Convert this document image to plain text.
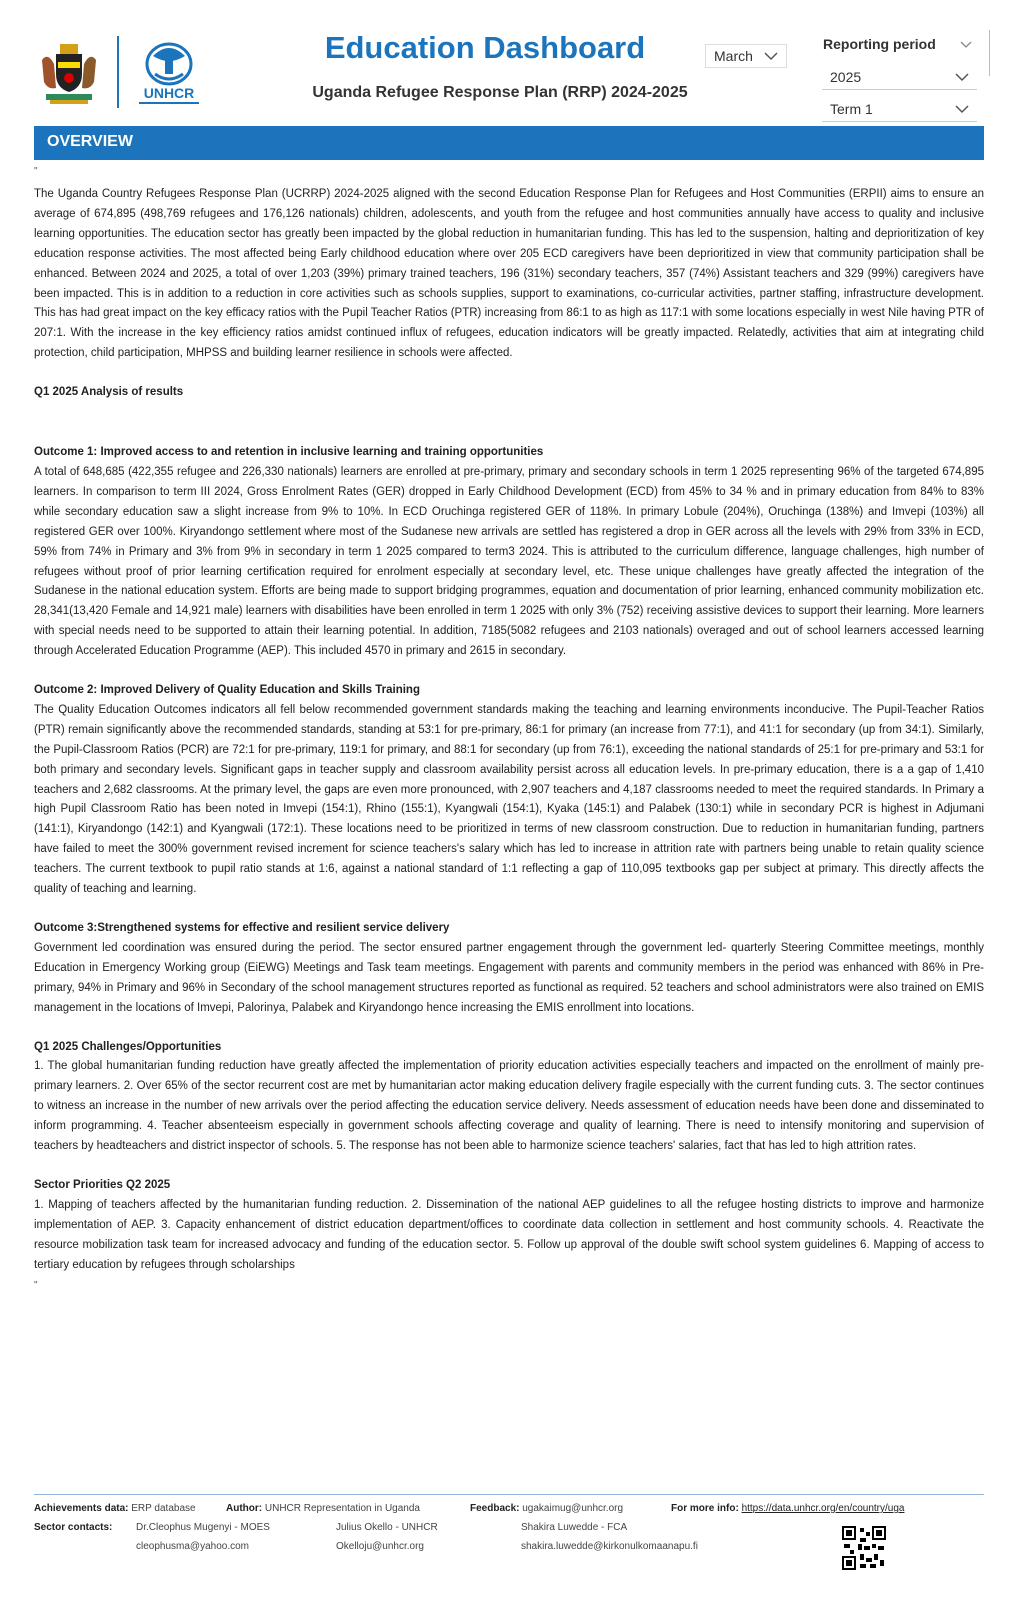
UNHCR
Education Dashboard
Uganda Refugee Response Plan (RRP) 2024-2025
March
Reporting period
2025
Term 1
OVERVIEW
"

The Uganda Country Refugees Response Plan (UCRRP) 2024-2025 aligned with the second Education Response Plan for Refugees and Host Communities (ERPII) aims to ensure an average of 674,895 (498,769 refugees and 176,126 nationals) children, adolescents, and youth from the refugee and host communities annually have access to quality and inclusive learning opportunities. The education sector has greatly been impacted by the global reduction in humanitarian funding. This has led to the suspension, halting and deprioritization of key education response activities. The most affected being Early childhood education where over 205 ECD caregivers have been deprioritized in view that community participation shall be enhanced. Between 2024 and 2025, a total of over 1,203 (39%) primary trained teachers, 196 (31%) secondary teachers, 357 (74%) Assistant teachers and 329 (99%) caregivers have been impacted. This is in addition to a reduction in core activities such as schools supplies, support to examinations, co-curricular activities, partner staffing, infrastructure development. This has had great impact on the key efficacy ratios with the Pupil Teacher Ratios (PTR) increasing from 86:1 to as high as 117:1 with some locations especially in west Nile having PTR of 207:1. With the increase in the key efficiency ratios amidst continued influx of refugees, education indicators will be greatly impacted. Relatedly, activities that aim at integrating child protection, child participation, MHPSS and building learner resilience in schools were affected.

Q1 2025 Analysis of results
Outcome 1: Improved access to and retention in inclusive learning and training opportunities

A total of 648,685 (422,355 refugee and 226,330 nationals) learners are enrolled at pre-primary, primary and secondary schools in term 1 2025 representing 96% of the targeted 674,895 learners. In comparison to term III 2024, Gross Enrolment Rates (GER) dropped in Early Childhood Development (ECD) from 45% to 34 % and in primary education from 84% to 83% while secondary education saw a slight increase from 9% to 10%. In ECD Oruchinga registered GER of 118%. In primary Lobule (204%), Oruchinga (138%) and Imvepi (103%) all registered GER over 100%. Kiryandongo settlement where most of the Sudanese new arrivals are settled has registered a drop in GER across all the levels with 29% from 33% in ECD, 59% from 74% in Primary and 3% from 9% in secondary in term 1 2025 compared to term3 2024. This is attributed to the curriculum difference, language challenges, high number of refugees without proof of prior learning certification required for enrolment especially at secondary level, etc. These unique challenges have greatly affected the integration of the Sudanese in the national education system. Efforts are being made to support bridging programmes, equation and documentation of prior learning, enhanced community mobilization etc. 28,341(13,420 Female and 14,921 male) learners with disabilities have been enrolled in term 1 2025 with only 3% (752) receiving assistive devices to support their learning. More learners with special needs need to be supported to attain their learning potential. In addition, 7185(5082 refugees and 2103 nationals) overaged and out of school learners accessed learning through Accelerated Education Programme (AEP). This included 4570 in primary and 2615 in secondary.

Outcome 2: Improved Delivery of Quality Education and Skills Training

The Quality Education Outcomes indicators all fell below recommended government standards making the teaching and learning environments inconducive. The Pupil-Teacher Ratios (PTR) remain significantly above the recommended standards, standing at 53:1 for pre-primary, 86:1 for primary (an increase from 77:1), and 41:1 for secondary (up from 34:1). Similarly, the Pupil-Classroom Ratios (PCR) are 72:1 for pre-primary, 119:1 for primary, and 88:1 for secondary (up from 76:1), exceeding the national standards of 25:1 for pre-primary and 53:1 for both primary and secondary levels. Significant gaps in teacher supply and classroom availability persist across all education levels. In pre-primary education, there is a a gap of 1,410 teachers and 2,682 classrooms. At the primary level, the gaps are even more pronounced, with 2,907 teachers and 4,187 classrooms needed to meet the required standards. In Primary a high Pupil Classroom Ratio has been noted in Imvepi (154:1), Rhino (155:1), Kyangwali (154:1), Kyaka (145:1) and Palabek (130:1) while in secondary PCR is highest in Adjumani (141:1), Kiryandongo (142:1) and Kyangwali (172:1). These locations need to be prioritized in terms of new classroom construction. Due to reduction in humanitarian funding, partners have failed to meet the 300% government revised increment for science teachers's salary which has led to increase in attrition rate with partners being unable to retain quality science teachers. The current textbook to pupil ratio stands at 1:6, against a national standard of 1:1 reflecting a gap of 110,095 textbooks gap per subject at primary. This directly affects the quality of teaching and learning.

Outcome 3:Strengthened systems for effective and resilient service delivery

Government led coordination was ensured during the period. The sector ensured partner engagement through the government led- quarterly Steering Committee meetings, monthly Education in Emergency Working group (EiEWG) Meetings and Task team meetings. Engagement with parents and community members in the period was enhanced with 86% in Pre-primary, 94% in Primary and 96% in Secondary of the school management structures reported as functional as required. 52 teachers and school administrators were also trained on EMIS management in the locations of Imvepi, Palorinya, Palabek and Kiryandongo hence increasing the EMIS enrollment into locations.

Q1 2025 Challenges/Opportunities

1. The global humanitarian funding reduction have greatly affected the implementation of priority education activities especially teachers and impacted on the enrollment of mainly pre-primary learners. 2. Over 65% of the sector recurrent cost are met by humanitarian actor making education delivery fragile especially with the current funding cuts. 3. The sector continues to witness an increase in the number of new arrivals over the period affecting the education service delivery. Needs assessment of education needs have been done and disseminated to inform programming. 4. Teacher absenteeism especially in government schools affecting coverage and quality of learning. There is need to intensify monitoring and supervision of teachers by headteachers and district inspector of schools. 5. The response has not been able to harmonize science teachers' salaries, fact that has led to high attrition rates.

Sector Priorities Q2 2025

1. Mapping of teachers affected by the humanitarian funding reduction. 2. Dissemination of the national AEP guidelines to all the refugee hosting districts to improve and harmonize implementation of AEP. 3. Capacity enhancement of district education department/offices to coordinate data collection in settlement and host community schools. 4. Reactivate the resource mobilization task team for increased advocacy and funding of the education sector. 5. Follow up approval of the double swift school system guidelines 6. Mapping of access to tertiary education by refugees through scholarships

"
Achievements data: ERP database	Author: UNHCR Representation in Uganda	Feedback: ugakaimug@unhcr.org	For more info: https://data.unhcr.org/en/country/uga
Sector contacts: Dr.Cleophus Mugenyi - MOES
cleophusma@yahoo.com
Julius Okello - UNHCR
Okelloju@unhcr.org
Shakira Luwedde - FCA
shakira.luwedde@kirkonulkomaanapu.fi
